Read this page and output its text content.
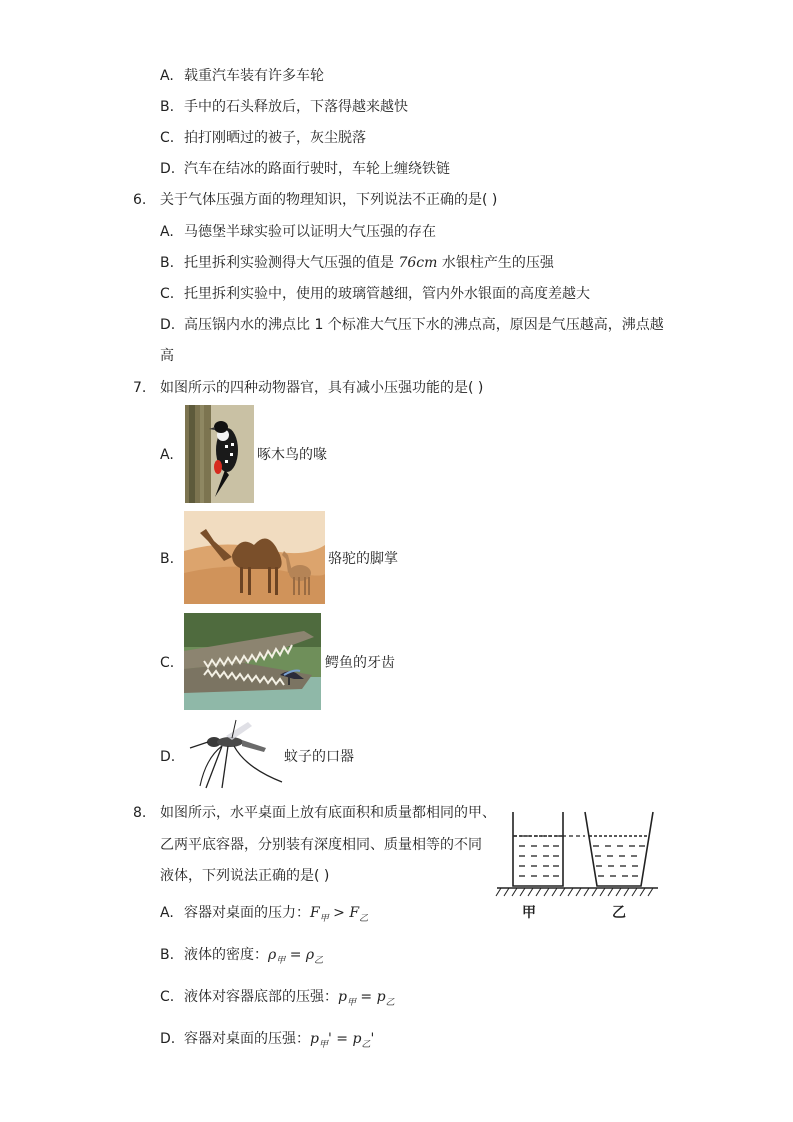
A. 载重汽车装有许多车轮
B. 手中的石头释放后，下落得越来越快
C. 拍打刚晒过的被子，灰尘脱落
D. 汽车在结冰的路面行驶时，车轮上缠绕铁链
6. 关于气体压强方面的物理知识，下列说法不正确的是( )
A. 马德堡半球实验可以证明大气压强的存在
B. 托里拆利实验测得大气压强的值是 76cm 水银柱产生的压强
C. 托里拆利实验中，使用的玻璃管越细，管内外水银面的高度差越大
D. 高压锅内水的沸点比 1 个标准大气压下水的沸点高，原因是气压越高，沸点越
高
7. 如图所示的四种动物器官，具有减小压强功能的是( )
A.	啄木鸟的喙
B.	骆驼的脚掌
C.	鳄鱼的牙齿
D.	蚊子的口器
8. 如图所示，水平桌面上放有底面积和质量都相同的甲、
乙两平底容器，分别装有深度相同、质量相等的不同
液体，下列说法正确的是( )
甲	乙
A. 容器对桌面的压力：$F_甲 > F_乙$
B. 液体的密度：$\rho_甲 = \rho_乙$
C. 液体对容器底部的压强：$p_甲 = p_乙$
D. 容器对桌面的压强：$p_甲' = p_乙'$
